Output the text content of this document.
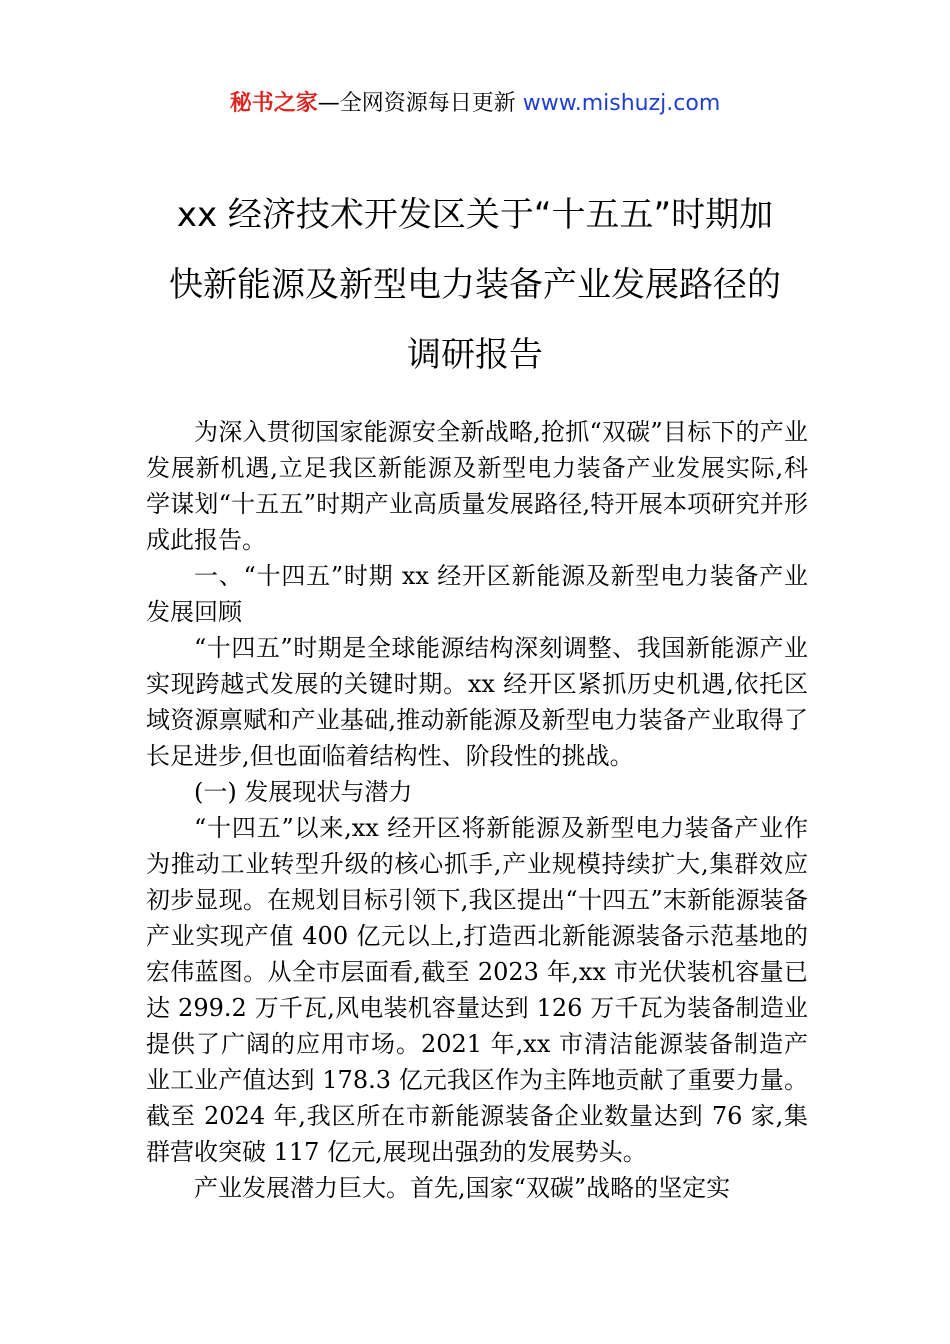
秘书之家—全网资源每日更新 www.mishuzj.com
xx 经济技术开发区关于“十五五”时期加
快新能源及新型电力装备产业发展路径的
调研报告

为深入贯彻国家能源安全新战略,抢抓“双碳”目标下的产业发展新机遇,立足我区新能源及新型电力装备产业发展实际,科学谋划“十五五”时期产业高质量发展路径,特开展本项研究并形成此报告。

一、“十四五”时期 xx 经开区新能源及新型电力装备产业发展回顾

“十四五”时期是全球能源结构深刻调整、我国新能源产业实现跨越式发展的关键时期。xx 经开区紧抓历史机遇,依托区域资源禀赋和产业基础,推动新能源及新型电力装备产业取得了长足进步,但也面临着结构性、阶段性的挑战。

(一) 发展现状与潜力

“十四五”以来,xx 经开区将新能源及新型电力装备产业作为推动工业转型升级的核心抓手,产业规模持续扩大,集群效应初步显现。在规划目标引领下,我区提出“十四五”末新能源装备产业实现产值 400 亿元以上,打造西北新能源装备示范基地的宏伟蓝图。从全市层面看,截至 2023 年,xx 市光伏装机容量已达 299.2 万千瓦,风电装机容量达到 126 万千瓦为装备制造业提供了广阔的应用市场。2021 年,xx 市清洁能源装备制造产业工业产值达到 178.3 亿元我区作为主阵地贡献了重要力量。截至 2024 年,我区所在市新能源装备企业数量达到 76 家,集群营收突破 117 亿元,展现出强劲的发展势头。

产业发展潜力巨大。首先,国家“双碳”战略的坚定实
